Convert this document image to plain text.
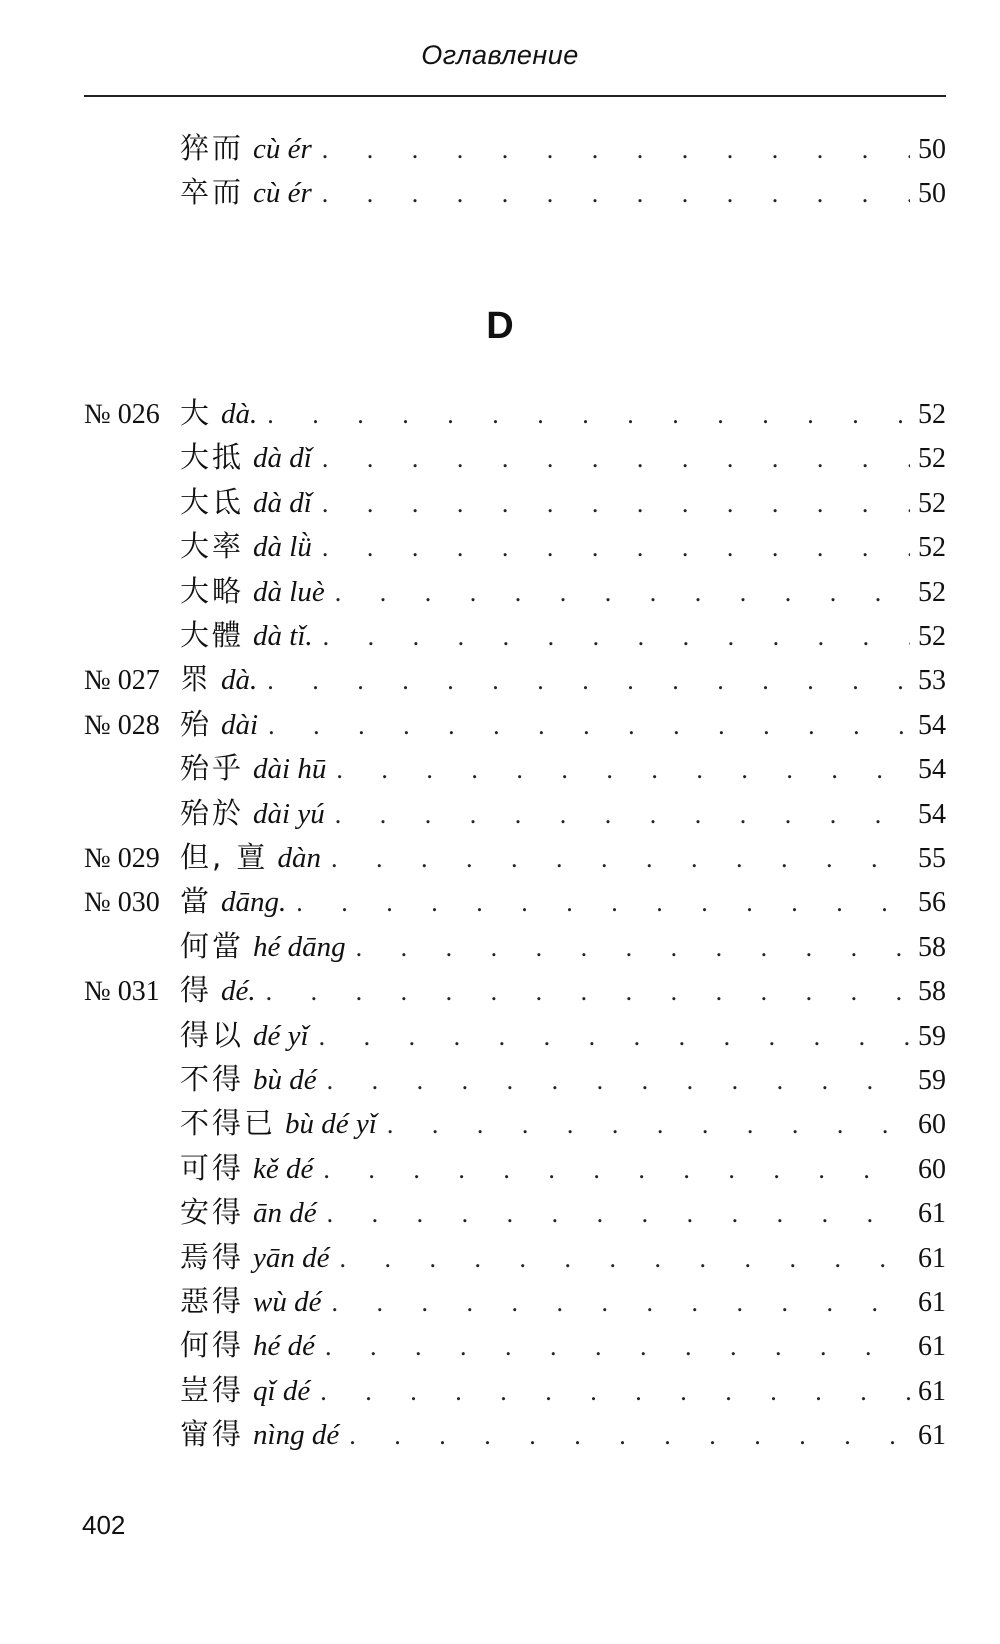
Оглавление
猝而 cù ér . . .	50
卒而 cù ér . . .	50
№ 026 大 dà. . . .	52
大抵 dà dǐ . . .	52
大氐 dà dǐ . . .	52
大率 dà lǜ . . .	52
大略 dà luè . . .	52
大體 dà tǐ. . . .	52
№ 027 眔 dà. . . .	53
№ 028 殆 dài . . .	54
殆乎 dài hū . . .	54
殆於 dài yú . . .	54
№ 029 但, 亶 dàn . . .	55
№ 030 當 dāng. . . .	56
何當 hé dāng . . .	58
№ 031 得 dé. . . .	58
得以 dé yǐ . . .	59
不得 bù dé . . .	59
不得已 bù dé yǐ . . .	60
可得 kě dé . . .	60
安得 ān dé . . .	61
焉得 yān dé . . .	61
惡得 wù dé . . .	61
何得 hé dé . . .	61
豈得 qǐ dé . . .	61
甯得 nìng dé . . .	61
D
402
